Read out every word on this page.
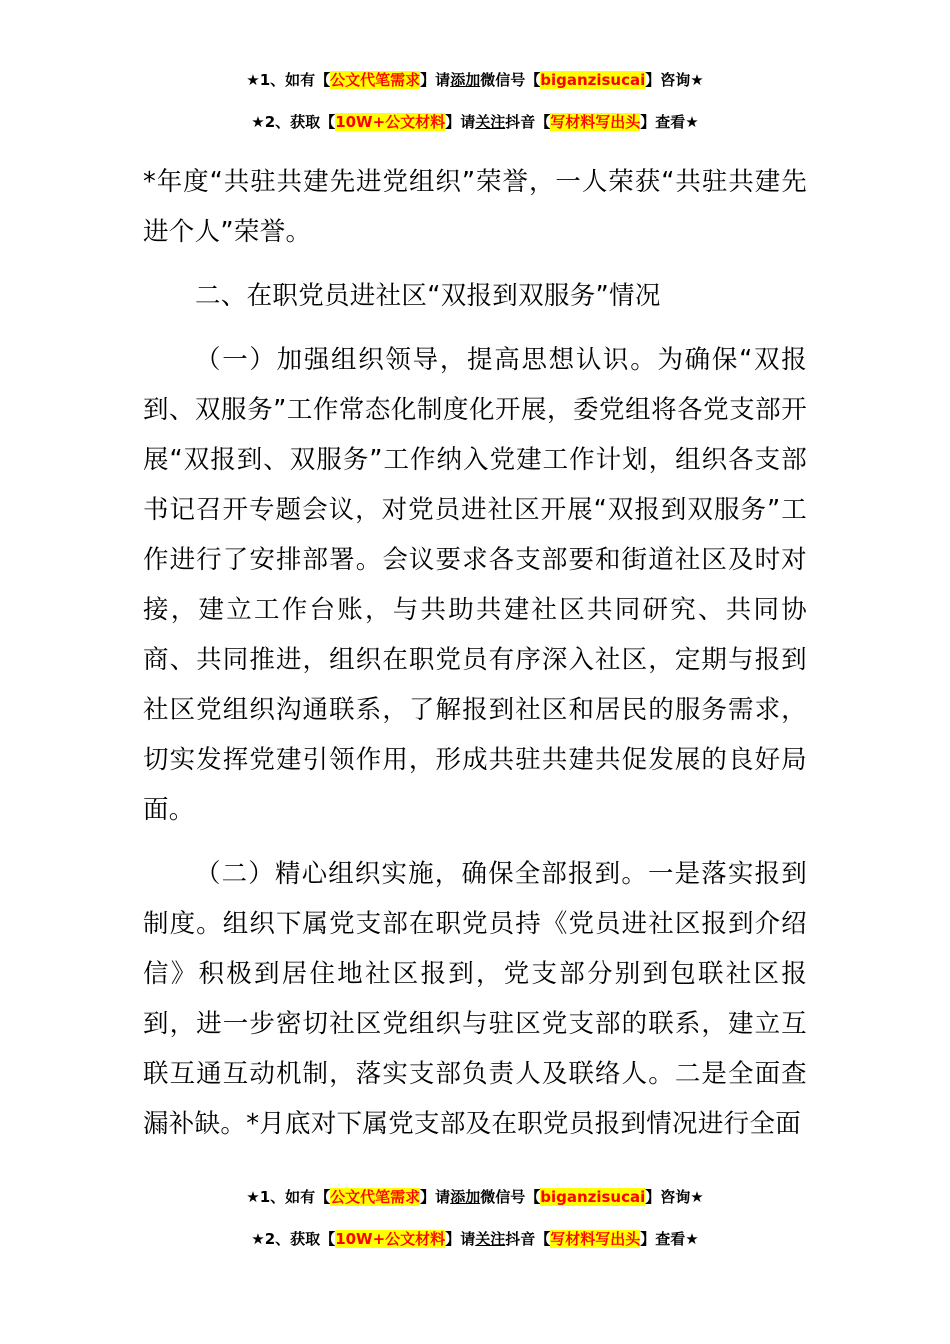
★1、如有【公文代笔需求】请添加微信号【biganzisucai】咨询★
★2、获取【10W+公文材料】请关注抖音【写材料写出头】查看★

*年度“共驻共建先进党组织”荣誉，一人荣获“共驻共建先进个人”荣誉。

二、在职党员进社区“双报到双服务”情况

（一）加强组织领导，提高思想认识。为确保“双报到、双服务”工作常态化制度化开展，委党组将各党支部开展“双报到、双服务”工作纳入党建工作计划，组织各支部书记召开专题会议，对党员进社区开展“双报到双服务”工作进行了安排部署。会议要求各支部要和街道社区及时对接，建立工作台账，与共助共建社区共同研究、共同协商、共同推进，组织在职党员有序深入社区，定期与报到社区党组织沟通联系，了解报到社区和居民的服务需求，切实发挥党建引领作用，形成共驻共建共促发展的良好局面。

（二）精心组织实施，确保全部报到。一是落实报到制度。组织下属党支部在职党员持《党员进社区报到介绍信》积极到居住地社区报到，党支部分别到包联社区报到，进一步密切社区党组织与驻区党支部的联系，建立互联互通互动机制，落实支部负责人及联络人。二是全面查漏补缺。*月底对下属党支部及在职党员报到情况进行全面

★1、如有【公文代笔需求】请添加微信号【biganzisucai】咨询★
★2、获取【10W+公文材料】请关注抖音【写材料写出头】查看★
